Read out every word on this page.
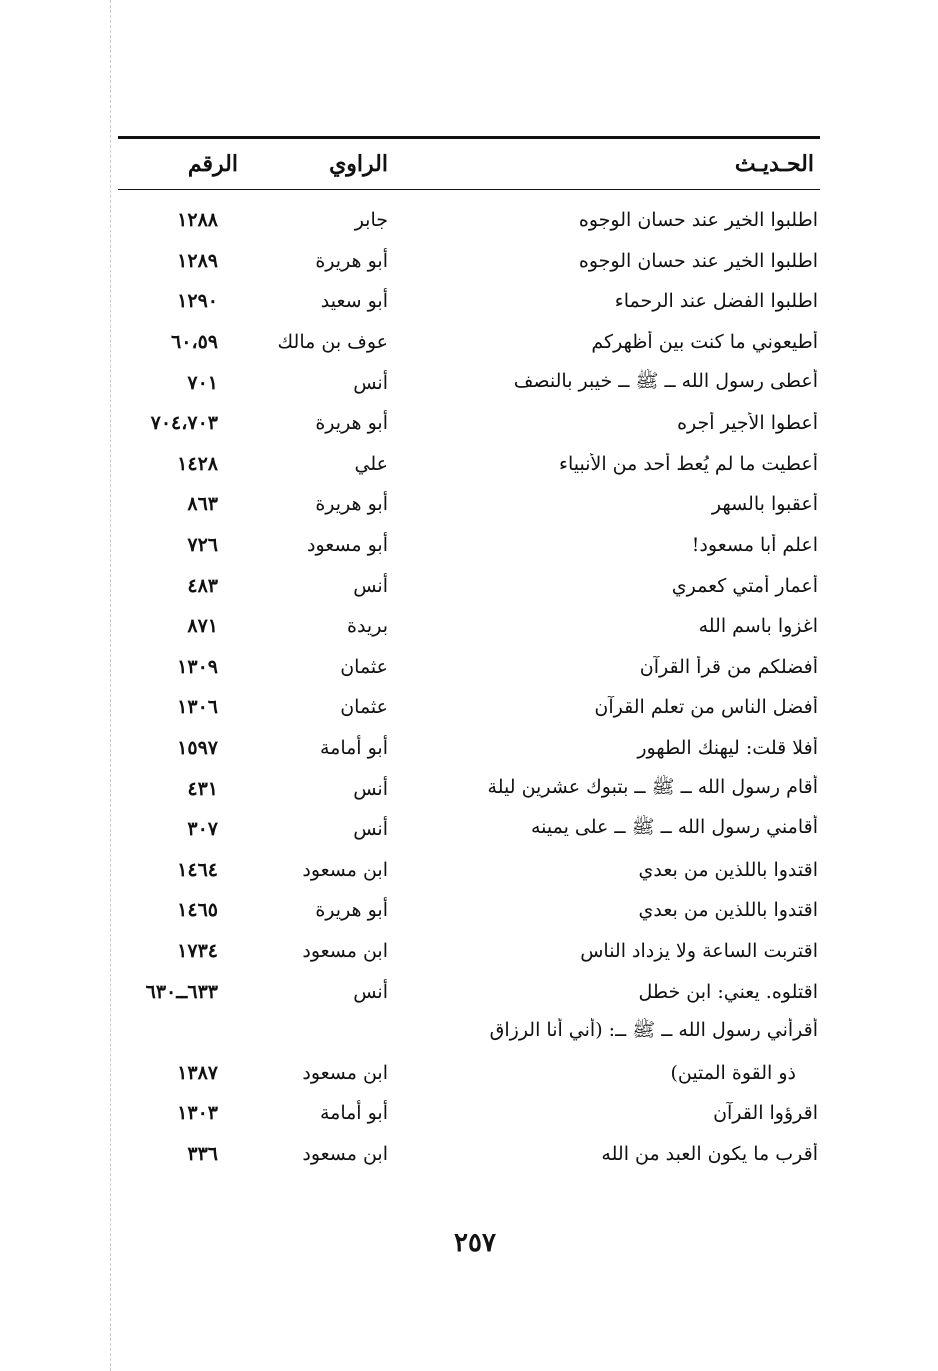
الحـديـث
الراوي
الرقم
اطلبوا الخير عند حسان الوجوه
جابر
١٢٨٨
اطلبوا الخير عند حسان الوجوه
أبو هريرة
١٢٨٩
اطلبوا الفضل عند الرحماء
أبو سعيد
١٢٩٠
أطيعوني ما كنت بين أظهركم
عوف بن مالك
٦٠،٥٩
أعطى رسول الله ــ ﷺ ــ خيبر بالنصف
أنس
٧٠١
أعطوا الأجير أجره
أبو هريرة
٧٠٤،٧٠٣
أعطيت ما لم يُعط أحد من الأنبياء
علي
١٤٢٨
أعقبوا بالسهر
أبو هريرة
٨٦٣
اعلم أبا مسعود!
أبو مسعود
٧٢٦
أعمار أمتي كعمري
أنس
٤٨٣
اغزوا باسم الله
بريدة
٨٧١
أفضلكم من قرأ القرآن
عثمان
١٣٠٩
أفضل الناس من تعلم القرآن
عثمان
١٣٠٦
أفلا قلت: ليهنك الطهور
أبو أمامة
١٥٩٧
أقام رسول الله ــ ﷺ ــ بتبوك عشرين ليلة
أنس
٤٣١
أقامني رسول الله ــ ﷺ ــ على يمينه
أنس
٣٠٧
اقتدوا باللذين من بعدي
ابن مسعود
١٤٦٤
اقتدوا باللذين من بعدي
أبو هريرة
١٤٦٥
اقتربت الساعة ولا يزداد الناس
ابن مسعود
١٧٣٤
اقتلوه. يعني: ابن خطل
أنس
٦٣٣ــ٦٣٠
أقرأني رسول الله ــ ﷺ ــ: (أني أنا الرزاق
ذو القوة المتين)
ابن مسعود
١٣٨٧
اقرؤوا القرآن
أبو أمامة
١٣٠٣
أقرب ما يكون العبد من الله
ابن مسعود
٣٣٦
٢٥٧
